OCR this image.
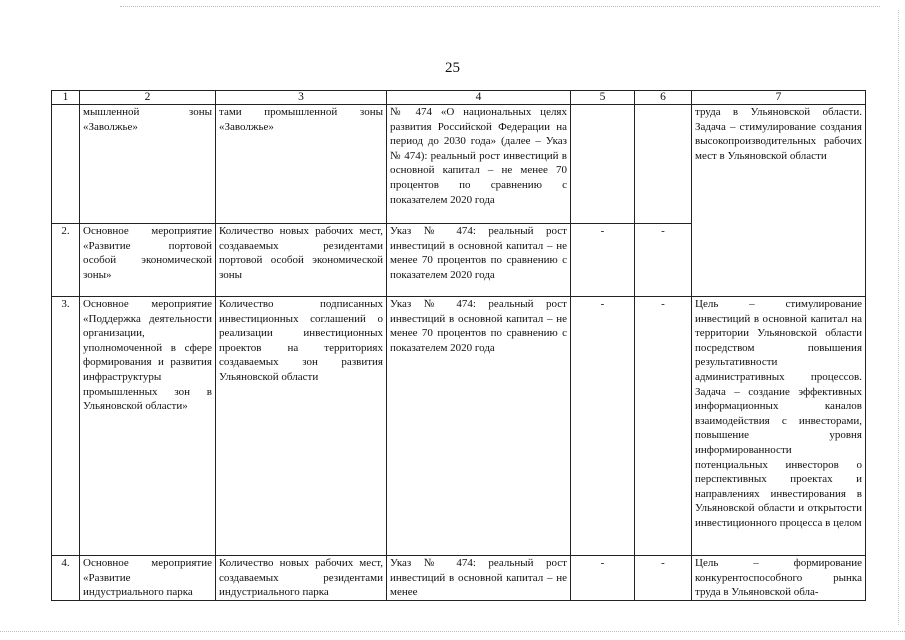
25
1	2	3	4	5	6	7
	мышленной зоны «Заволжье»	тами промышленной зоны «Заволжье»	№ 474 «О национальных целях развития Российской Федерации на период до 2030 года» (далее – Указ № 474): реальный рост инвестиций в основной капитал – не менее 70 процентов по сравнению с показателем 2020 года			труда в Ульяновской области. Задача – стимулирование создания высокопроизводительных рабочих мест в Ульяновской области
2.	Основное мероприятие «Развитие портовой особой экономической зоны»	Количество новых рабочих мест, создаваемых резидентами портовой особой экономической зоны	Указ № 474: реальный рост инвестиций в основной капитал – не менее 70 процентов по сравнению с показателем 2020 года	-	-	
3.	Основное мероприятие «Поддержка деятельности организации, уполномоченной в сфере формирования и развития инфраструктуры промышленных зон в Ульяновской области»	Количество подписанных инвестиционных соглашений о реализации инвестиционных проектов на территориях создаваемых зон развития Ульяновской области	Указ № 474: реальный рост инвестиций в основной капитал – не менее 70 процентов по сравнению с показателем 2020 года	-	-	Цель – стимулирование инвестиций в основной капитал на территории Ульяновской области посредством повышения результативности административных процессов. Задача – создание эффективных информационных каналов взаимодействия с инвесторами, повышение уровня информированности потенциальных инвесторов о перспективных проектах и направлениях инвестирования в Ульяновской области и открытости инвестиционного процесса в целом
4.	Основное мероприятие «Развитие индустриального парка	Количество новых рабочих мест, создаваемых резидентами индустриального парка	Указ № 474: реальный рост инвестиций в основной капитал – не менее	-	-	Цель – формирование конкурентоспособного рынка труда в Ульяновской обла-
